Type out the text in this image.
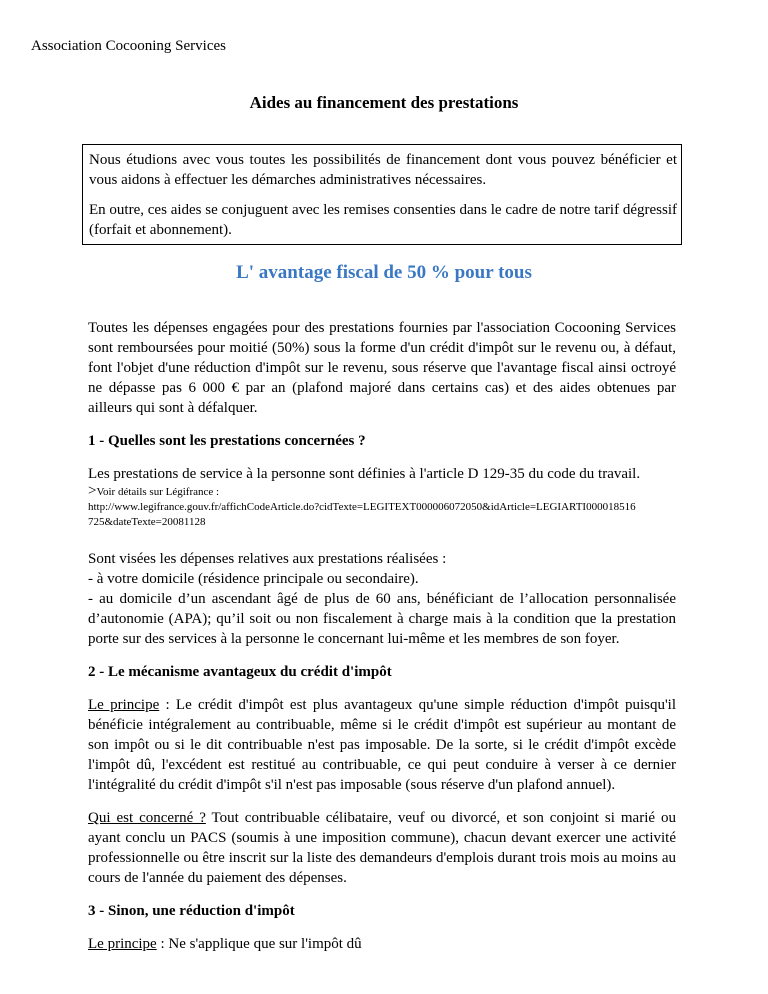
Association Cocooning Services
Aides au financement des prestations

Nous étudions avec vous toutes les possibilités de financement dont vous pouvez bénéficier et vous aidons à effectuer les démarches administratives nécessaires.

En outre, ces aides se conjuguent avec les remises consenties dans le cadre de notre tarif dégressif (forfait et abonnement).

L' avantage fiscal de 50 % pour tous

Toutes les dépenses engagées pour des prestations fournies par l'association Cocooning Services sont remboursées pour moitié (50%) sous la forme d'un crédit d'impôt sur le revenu ou, à défaut, font l'objet d'une réduction d'impôt sur le revenu, sous réserve que l'avantage fiscal ainsi octroyé ne dépasse pas 6 000 € par an (plafond majoré dans certains cas) et des aides obtenues par ailleurs qui sont à défalquer.

1 - Quelles sont les prestations concernées ?

Les prestations de service à la personne sont définies à l'article D 129-35 du code du travail.

>Voir détails sur Légifrance :
http://www.legifrance.gouv.fr/affichCodeArticle.do?cidTexte=LEGITEXT000006072050&idArticle=LEGIARTI000018516 725&dateTexte=20081128

Sont visées les dépenses relatives aux prestations réalisées :

- à votre domicile (résidence principale ou secondaire).

- au domicile d’un ascendant âgé de plus de 60 ans, bénéficiant de l’allocation personnalisée d’autonomie (APA); qu’il soit ou non fiscalement à charge mais à la condition que la prestation porte sur des services à la personne le concernant lui-même et les membres de son foyer.

2 - Le mécanisme avantageux du crédit d'impôt

Le principe : Le crédit d'impôt est plus avantageux qu'une simple réduction d'impôt puisqu'il bénéficie intégralement au contribuable, même si le crédit d'impôt est supérieur au montant de son impôt ou si le dit contribuable n'est pas imposable. De la sorte, si le crédit d'impôt excède l'impôt dû, l'excédent est restitué au contribuable, ce qui peut conduire à verser à ce dernier l'intégralité du crédit d'impôt s'il n'est pas imposable (sous réserve d'un plafond annuel).

Qui est concerné ? Tout contribuable célibataire, veuf ou divorcé, et son conjoint si marié ou ayant conclu un PACS (soumis à une imposition commune), chacun devant exercer une activité professionnelle ou être inscrit sur la liste des demandeurs d'emplois durant trois mois au moins au cours de l'année du paiement des dépenses.

3 - Sinon, une réduction d'impôt

Le principe : Ne s'applique que sur l'impôt dû
